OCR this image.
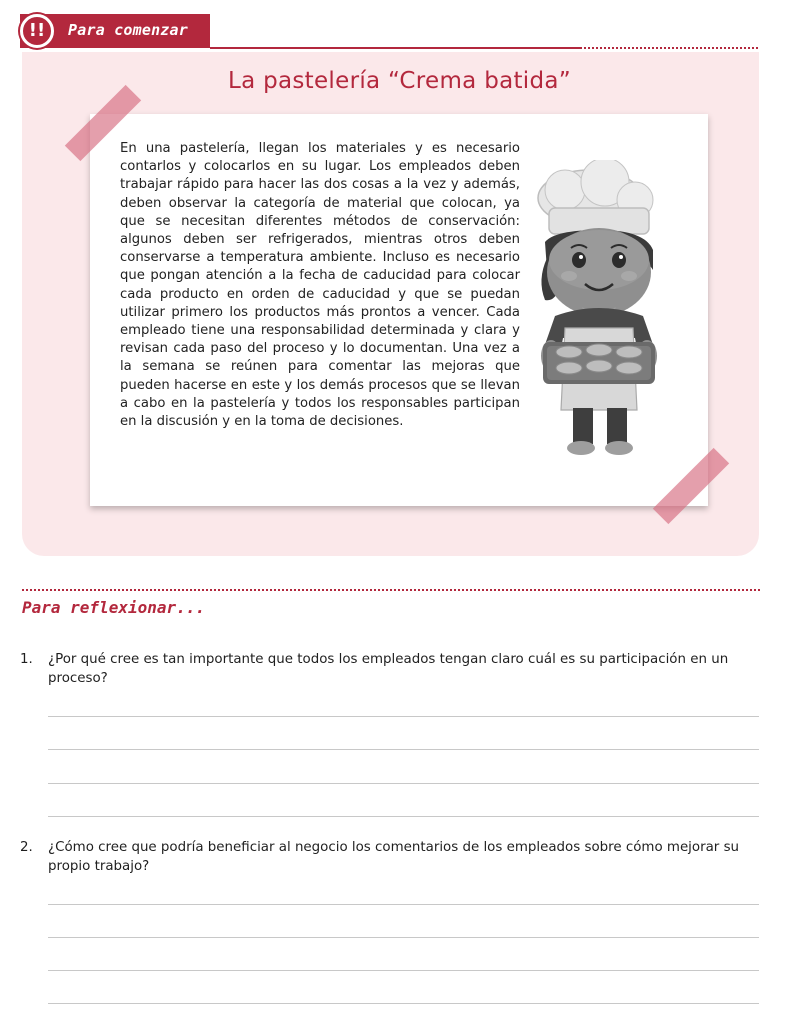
!!	Para comenzar
La pastelería “Crema batida”
En una pastelería, llegan los materiales y es necesario contarlos y colocarlos en su lugar. Los empleados deben trabajar rápido para hacer las dos cosas a la vez y además, deben observar la categoría de material que colocan, ya que se necesitan diferentes métodos de conservación: algunos deben ser refrigerados, mientras otros deben conservarse a temperatura ambiente. Incluso es necesario que pongan atención a la fecha de caducidad para colocar cada producto en orden de caducidad y que se puedan utilizar primero los productos más prontos a vencer. Cada empleado tiene una responsabilidad determinada y clara y revisan cada paso del proceso y lo documentan. Una vez a la semana se reúnen para comentar las mejoras que pueden hacerse en este y los demás procesos que se llevan a cabo en la pastelería y todos los responsables participan en la discusión y en la toma de decisiones.
Para reflexionar...
1. ¿Por qué cree es tan importante que todos los empleados tengan claro cuál es su participación en un proceso?
2. ¿Cómo cree que podría beneficiar al negocio los comentarios de los empleados sobre cómo mejorar su propio trabajo?
